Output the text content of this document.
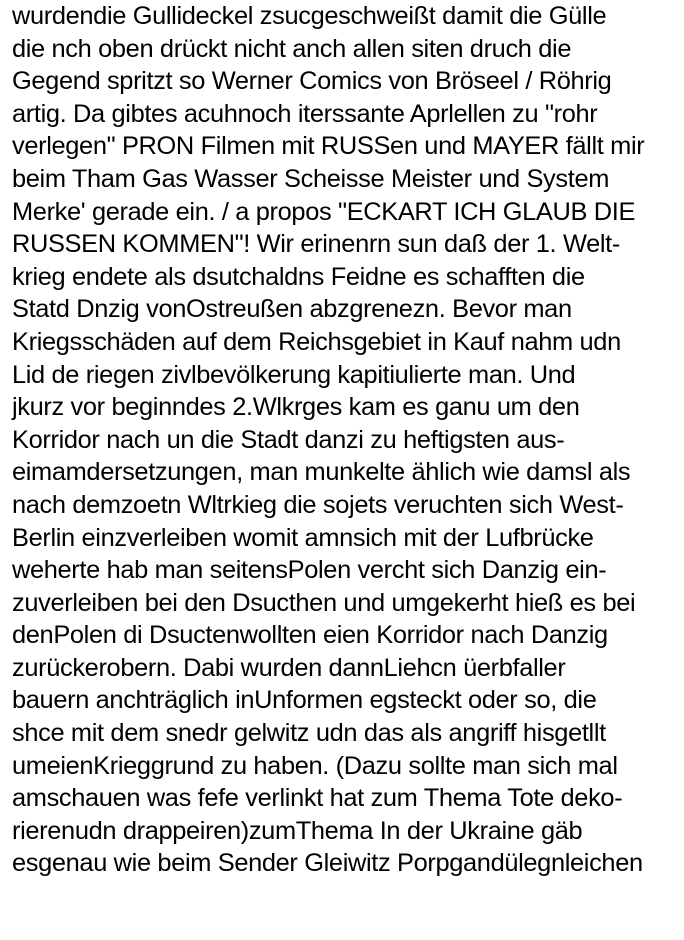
wurdendie Gullideckel zsucgeschweißt damit die Gülle

die nch oben drückt nicht anch allen siten druch die

Gegend spritzt so Werner Comics von Bröseel / Röhrig

artig. Da gibtes acuhnoch iterssante Aprlellen zu "rohr

verlegen" PRON Filmen mit RUSSen und MAYER fällt mir

beim Tham Gas Wasser Scheisse Meister und System

Merke' gerade ein. / a propos "ECKART ICH GLAUB DIE

RUSSEN KOMMEN"! Wir erinenrn sun daß der 1. Welt-

krieg endete als dsutchaldns Feidne es schafften die

Statd Dnzig vonOstreußen abzgrenezn. Bevor man

Kriegsschäden auf dem Reichsgebiet in Kauf nahm udn

Lid de riegen zivlbevölkerung kapitiulierte man. Und

jkurz vor beginndes 2.Wlkrges kam es ganu um den

Korridor nach un die Stadt danzi zu heftigsten aus-

eimamdersetzungen, man munkelte ählich wie damsl als

nach demzoetn Wltrkieg die sojets veruchten sich West-

Berlin einzverleiben womit amnsich mit der Lufbrücke

weherte hab man seitensPolen vercht sich Danzig ein-

zuverleiben bei den Dsucthen und umgekerht hieß es bei

denPolen di Dsuctenwollten eien Korridor nach Danzig

zurückerobern. Dabi wurden dannLiehcn üerbfaller

bauern anchträglich inUnformen egsteckt oder so, die

shce mit dem snedr gelwitz udn das als angriff hisgetllt

umeienKrieggrund zu haben. (Dazu sollte man sich mal

amschauen was fefe verlinkt hat zum Thema Tote deko-

rierenudn drappeiren)zumThema In der Ukraine gäb

esgenau wie beim Sender Gleiwitz Porpgandülegnleichen
